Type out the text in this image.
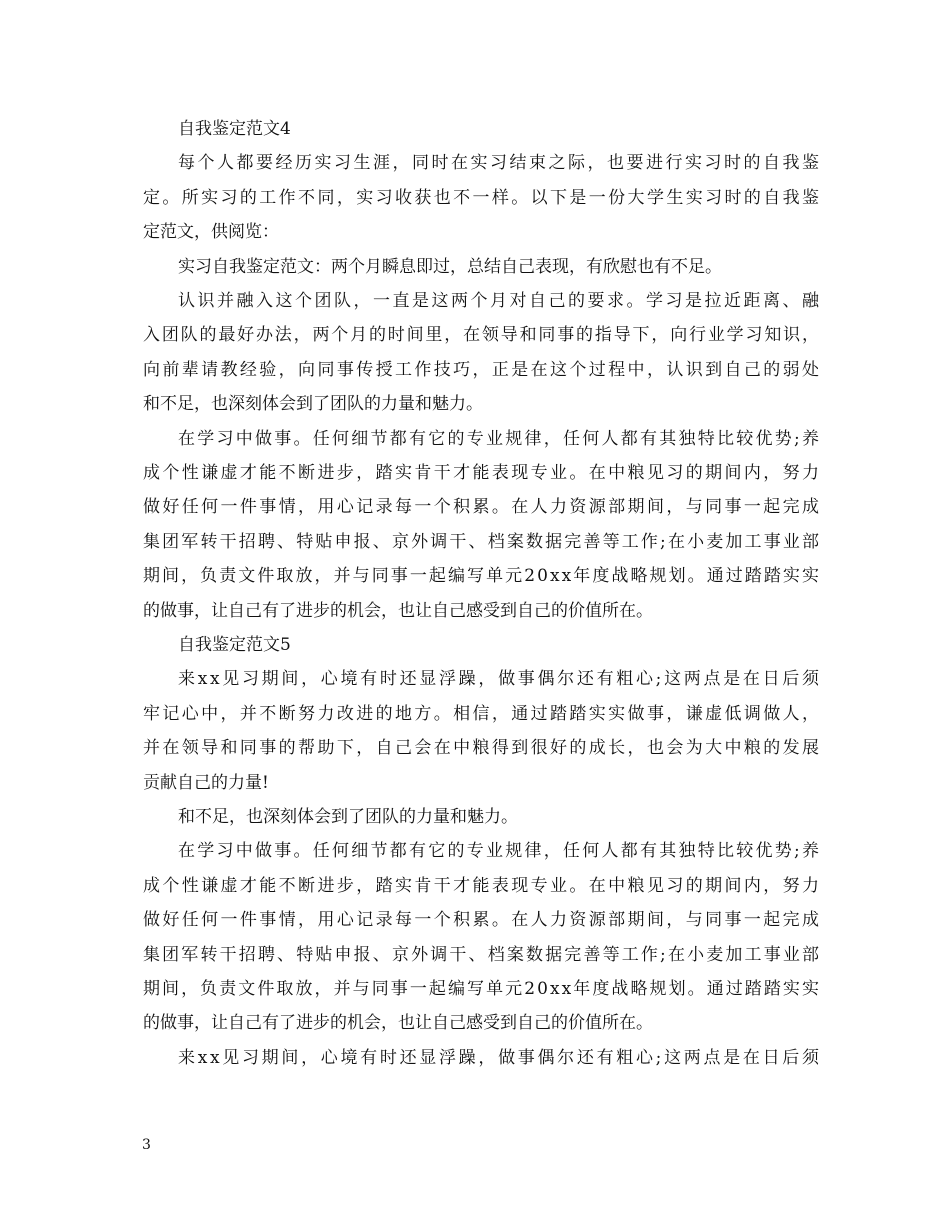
自我鉴定范文4
每个人都要经历实习生涯，同时在实习结束之际，也要进行实习时的自我鉴
定。所实习的工作不同，实习收获也不一样。以下是一份大学生实习时的自我鉴
定范文，供阅览：
实习自我鉴定范文：两个月瞬息即过，总结自己表现，有欣慰也有不足。
认识并融入这个团队，一直是这两个月对自己的要求。学习是拉近距离、融
入团队的最好办法，两个月的时间里，在领导和同事的指导下，向行业学习知识，
向前辈请教经验，向同事传授工作技巧，正是在这个过程中，认识到自己的弱处
和不足，也深刻体会到了团队的力量和魅力。
在学习中做事。任何细节都有它的专业规律，任何人都有其独特比较优势;养
成个性谦虚才能不断进步，踏实肯干才能表现专业。在中粮见习的期间内，努力
做好任何一件事情，用心记录每一个积累。在人力资源部期间，与同事一起完成
集团军转干招聘、特贴申报、京外调干、档案数据完善等工作;在小麦加工事业部
期间，负责文件取放，并与同事一起编写单元20xx年度战略规划。通过踏踏实实
的做事，让自己有了进步的机会，也让自己感受到自己的价值所在。
自我鉴定范文5
来xx见习期间，心境有时还显浮躁，做事偶尔还有粗心;这两点是在日后须
牢记心中，并不断努力改进的地方。相信，通过踏踏实实做事，谦虚低调做人，
并在领导和同事的帮助下，自己会在中粮得到很好的成长，也会为大中粮的发展
贡献自己的力量!
和不足，也深刻体会到了团队的力量和魅力。
在学习中做事。任何细节都有它的专业规律，任何人都有其独特比较优势;养
成个性谦虚才能不断进步，踏实肯干才能表现专业。在中粮见习的期间内，努力
做好任何一件事情，用心记录每一个积累。在人力资源部期间，与同事一起完成
集团军转干招聘、特贴申报、京外调干、档案数据完善等工作;在小麦加工事业部
期间，负责文件取放，并与同事一起编写单元20xx年度战略规划。通过踏踏实实
的做事，让自己有了进步的机会，也让自己感受到自己的价值所在。
来xx见习期间，心境有时还显浮躁，做事偶尔还有粗心;这两点是在日后须
3
